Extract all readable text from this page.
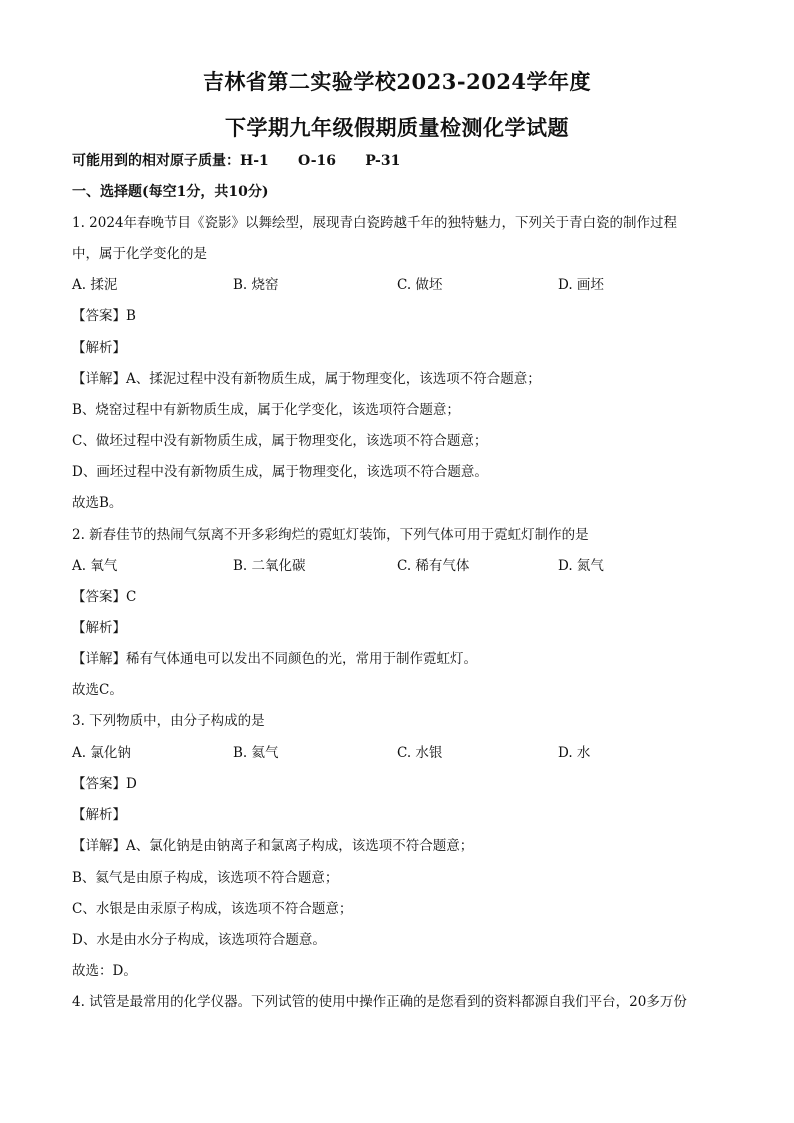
吉林省第二实验学校2023-2024学年度
下学期九年级假期质量检测化学试题
可能用到的相对原子质量：H-1      O-16      P-31
一、选择题(每空1分，共10分)
1. 2024年春晚节目《瓷影》以舞绘型，展现青白瓷跨越千年的独特魅力，下列关于青白瓷的制作过程
中，属于化学变化的是
A. 揉泥	B. 烧窑	C. 做坯	D. 画坯
【答案】B
【解析】
【详解】A、揉泥过程中没有新物质生成，属于物理变化，该选项不符合题意；
B、烧窑过程中有新物质生成，属于化学变化，该选项符合题意；
C、做坯过程中没有新物质生成，属于物理变化，该选项不符合题意；
D、画坯过程中没有新物质生成，属于物理变化，该选项不符合题意。
故选B。
2. 新春佳节的热闹气氛离不开多彩绚烂的霓虹灯装饰，下列气体可用于霓虹灯制作的是
A. 氧气	B. 二氧化碳	C. 稀有气体	D. 氮气
【答案】C
【解析】
【详解】稀有气体通电可以发出不同颜色的光，常用于制作霓虹灯。
故选C。
3. 下列物质中，由分子构成的是
A. 氯化钠	B. 氦气	C. 水银	D. 水
【答案】D
【解析】
【详解】A、氯化钠是由钠离子和氯离子构成，该选项不符合题意；
B、氦气是由原子构成，该选项不符合题意；
C、水银是由汞原子构成，该选项不符合题意；
D、水是由水分子构成，该选项符合题意。
故选：D。
4. 试管是最常用的化学仪器。下列试管的使用中操作正确的是您看到的资料都源自我们平台，20多万份
